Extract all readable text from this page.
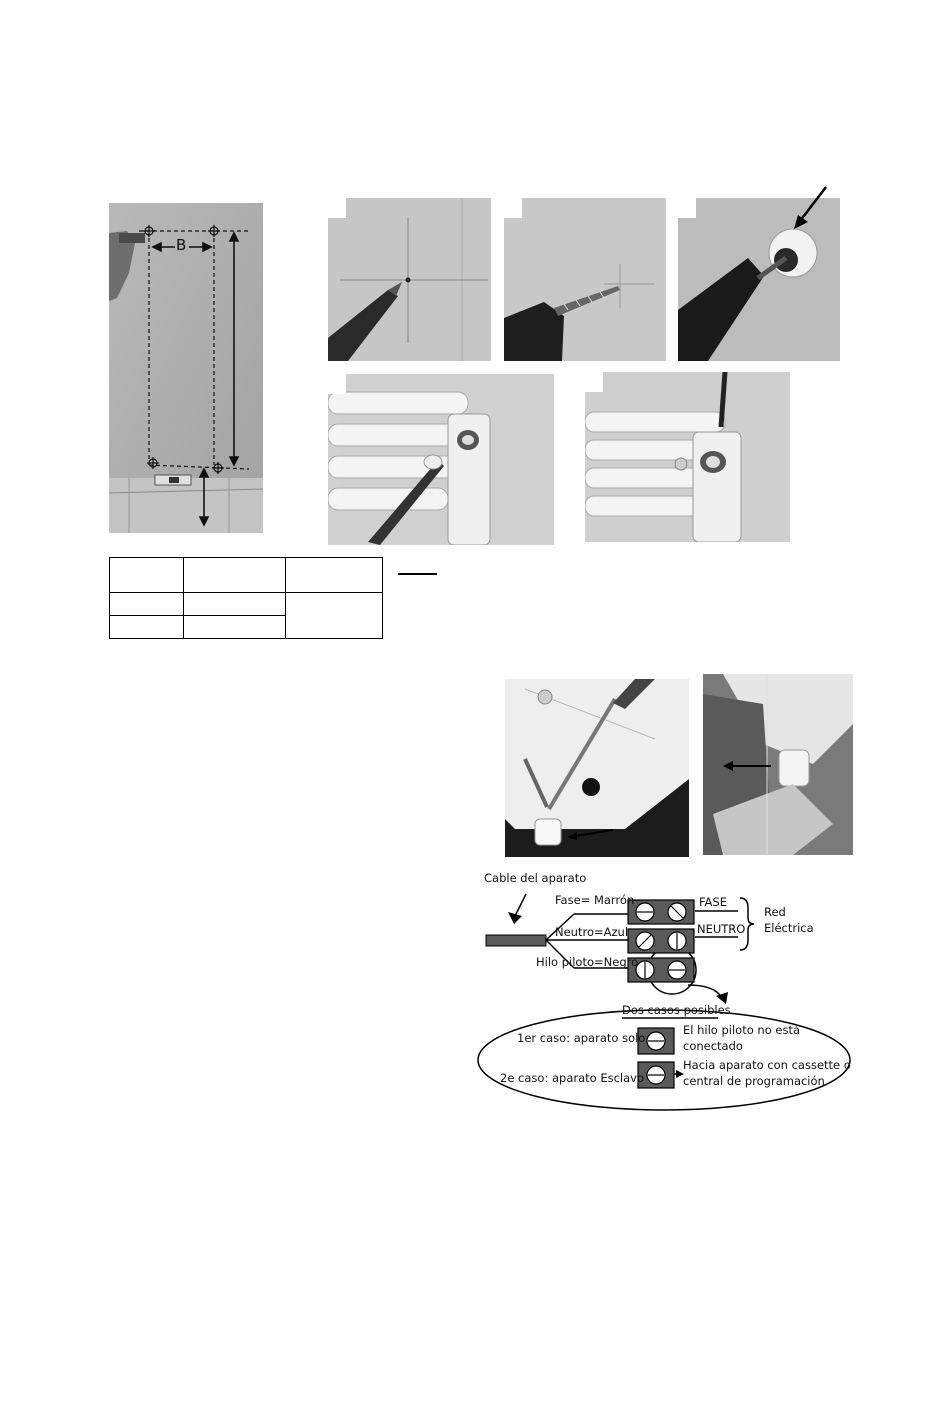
B

Cable del aparato
Fase= Marrón
Neutro=Azul
Hilo piloto=Negro
FASE
NEUTRO
Red
Eléctrica
Dos casos posibles
1er caso: aparato solo
El hilo piloto no está
conectado
2e caso: aparato Esclavo
Hacia aparato con cassette o
central de programación
